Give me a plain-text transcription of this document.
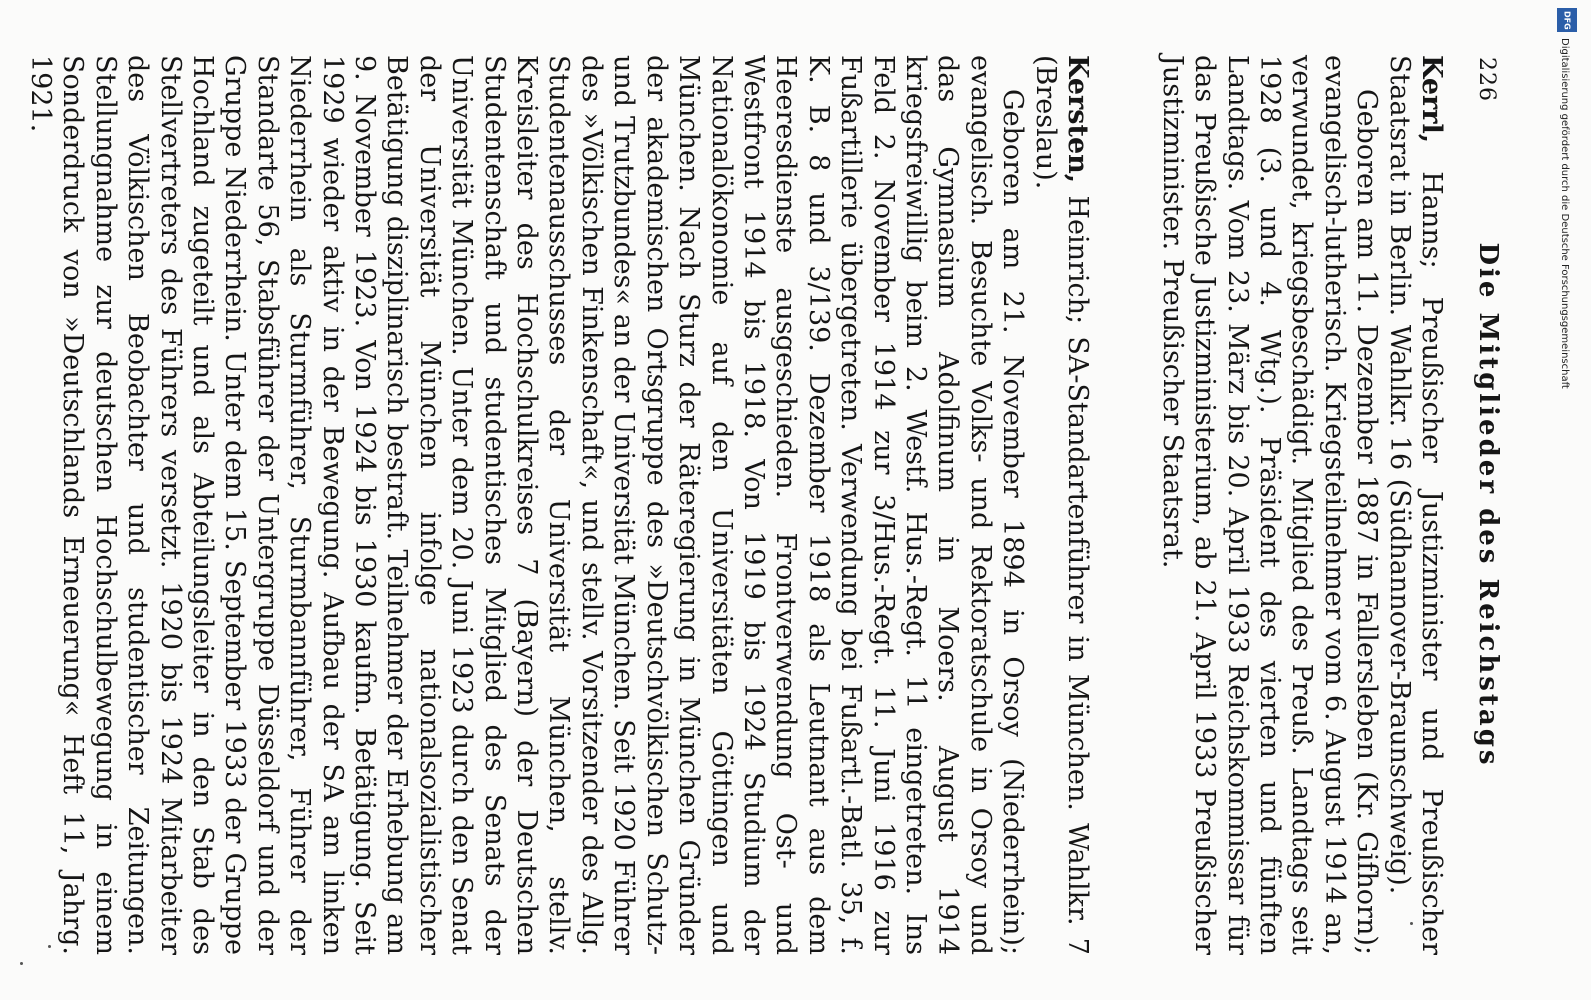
226
Die Mitglieder des Reichstags

Kerrl, Hanns; Preußischer Justizminister und Preußischer Staatsrat in Berlin. Wahlkr. 16 (Südhannover-Braunschweig).

Geboren am 11. Dezember 1887 in Fallersleben (Kr. Gifhorn); evangelisch-lutherisch. Kriegsteilnehmer vom 6. August 1914 an, verwundet, kriegsbeschädigt. Mitglied des Preuß. Landtags seit 1928 (3. und 4. Wtg.). Präsident des vierten und fünften Landtags. Vom 23. März bis 20. April 1933 Reichskommissar für das Preußische Justizministerium, ab 21. April 1933 Preußischer Justizminister. Preußischer Staatsrat.

Kersten, Heinrich; SA-Standartenführer in München. Wahlkr. 7 (Breslau).

Geboren am 21. November 1894 in Orsoy (Niederrhein); evangelisch. Besuchte Volks- und Rektoratschule in Orsoy und das Gymnasium Adolfinum in Moers. August 1914 kriegsfreiwillig beim 2. Westf. Hus.-Regt. 11 eingetreten. Ins Feld 2. November 1914 zur 3/Hus.-Regt. 11. Juni 1916 zur Fußartillerie übergetreten. Verwendung bei Fußartl.-Batl. 35, f. K. B. 8 und 3/139. Dezember 1918 als Leutnant aus dem Heeresdienste ausgeschieden. Frontverwendung Ost- und Westfront 1914 bis 1918. Von 1919 bis 1924 Studium der Nationalökonomie auf den Universitäten Göttingen und München. Nach Sturz der Räteregierung in München Gründer der akademischen Ortsgruppe des »Deutschvölkischen Schutz- und Trutzbundes« an der Universität München. Seit 1920 Führer des »Völkischen Finkenschaft«, und stellv. Vorsitzender des Allg. Studentenausschusses der Universität München, stellv. Kreisleiter des Hochschulkreises 7 (Bayern) der Deutschen Studentenschaft und studentisches Mitglied des Senats der Universität München. Unter dem 20. Juni 1923 durch den Senat der Universität München infolge nationalsozialistischer Betätigung disziplinarisch bestraft. Teilnehmer der Erhebung am 9. November 1923. Von 1924 bis 1930 kaufm. Betätigung. Seit 1929 wieder aktiv in der Bewegung. Aufbau der SA am linken Niederrhein als Sturmführer, Sturmbannführer, Führer der Standarte 56, Stabsführer der Untergruppe Düsseldorf und der Gruppe Niederrhein. Unter dem 15. September 1933 der Gruppe Hochland zugeteilt und als Abteilungsleiter in den Stab des Stellvertreters des Führers versetzt. 1920 bis 1924 Mitarbeiter des Völkischen Beobachter und studentischer Zeitungen. Stellungnahme zur deutschen Hochschulbewegung in einem Sonderdruck von »Deutschlands Erneuerung« Heft 11, Jahrg. 1921.

DFG
Digitalisierung gefördert durch die Deutsche Forschungsgemeinschaft
